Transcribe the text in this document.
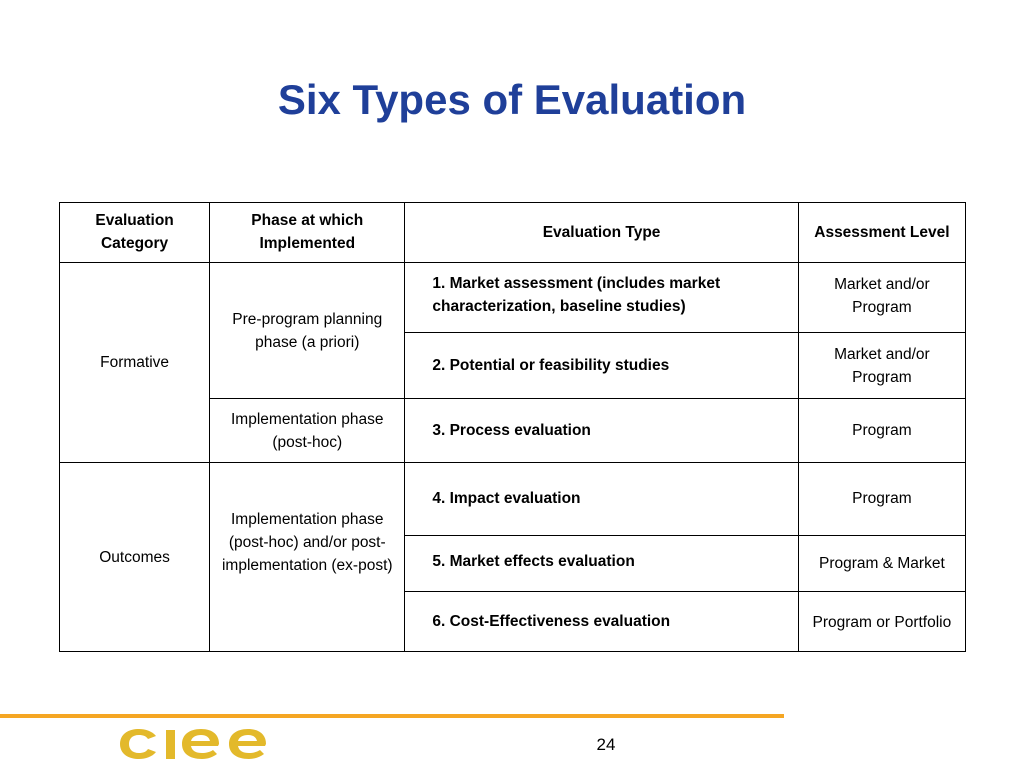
Six Types of Evaluation
Evaluation Category	Phase at which Implemented	Evaluation Type	Assessment Level
Formative	Pre-program planning phase (a priori)	1. Market assessment (includes market characterization, baseline studies)	Market and/or Program
		2. Potential or feasibility studies	Market and/or Program
	Implementation phase (post-hoc)	3. Process evaluation	Program
Outcomes	Implementation phase (post-hoc) and/or post-implementation (ex-post)	4. Impact evaluation	Program
		5. Market effects evaluation	Program & Market
		6. Cost-Effectiveness evaluation	Program or Portfolio
24
